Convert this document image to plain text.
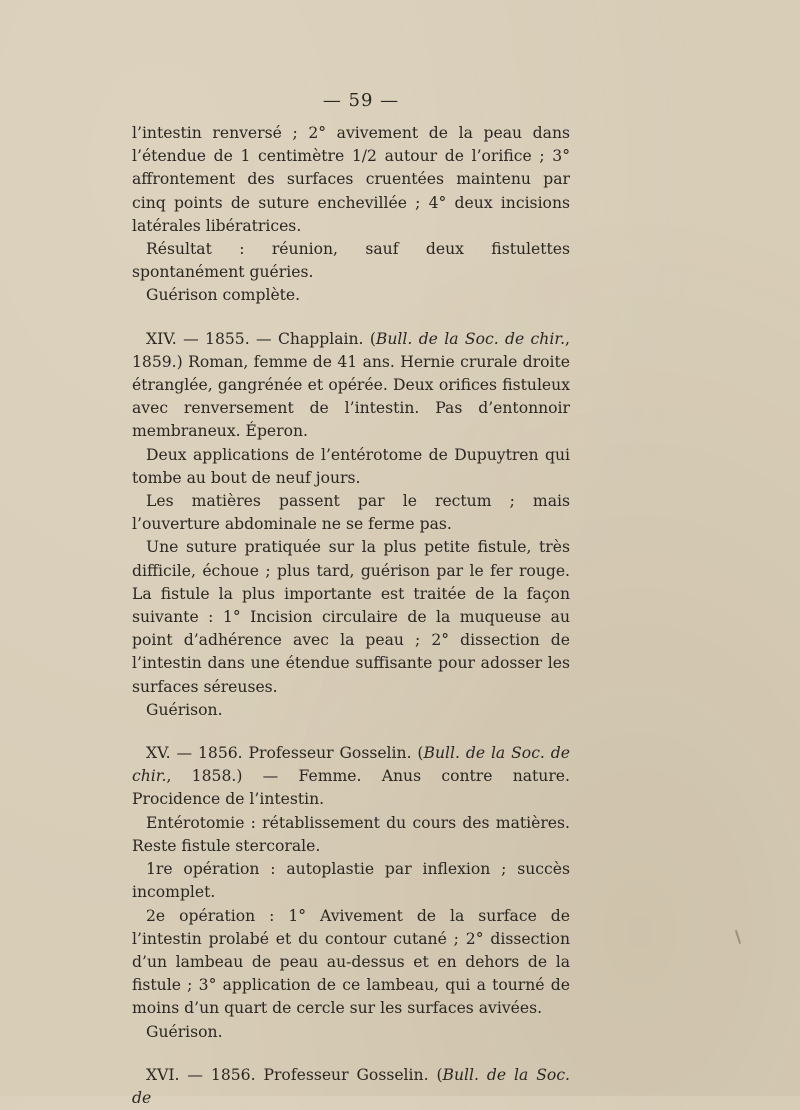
— 59 —

l’intestin renversé ; 2° avivement de la peau dans l’étendue de 1 centimètre 1/2 autour de l’orifice ; 3° affrontement des surfaces cruentées maintenu par cinq points de suture enchevillée ; 4° deux incisions latérales libératrices.

Résultat : réunion, sauf deux fistulettes spontanément guéries.

Guérison complète.

XIV. — 1855. — Chapplain. (Bull. de la Soc. de chir., 1859.) Roman, femme de 41 ans. Hernie crurale droite étranglée, gangrénée et opérée. Deux orifices fistuleux avec renversement de l’intestin. Pas d’entonnoir membraneux. Éperon.

Deux applications de l’entérotome de Dupuytren qui tombe au bout de neuf jours.

Les matières passent par le rectum ; mais l’ouverture abdominale ne se ferme pas.

Une suture pratiquée sur la plus petite fistule, très difficile, échoue ; plus tard, guérison par le fer rouge. La fistule la plus importante est traitée de la façon suivante : 1° Incision circulaire de la muqueuse au point d’adhérence avec la peau ; 2° dissection de l’intestin dans une étendue suffisante pour adosser les surfaces séreuses.

Guérison.

XV. — 1856. Professeur Gosselin. (Bull. de la Soc. de chir., 1858.) — Femme. Anus contre nature. Procidence de l’intestin.

Entérotomie : rétablissement du cours des matières. Reste fistule stercorale.

1re opération : autoplastie par inflexion ; succès incomplet.

2e opération : 1° Avivement de la surface de l’intestin prolabé et du contour cutané ; 2° dissection d’un lambeau de peau au-dessus et en dehors de la fistule ; 3° application de ce lambeau, qui a tourné de moins d’un quart de cercle sur les surfaces avivées.

Guérison.

XVI. — 1856. Professeur Gosselin. (Bull. de la Soc. de
